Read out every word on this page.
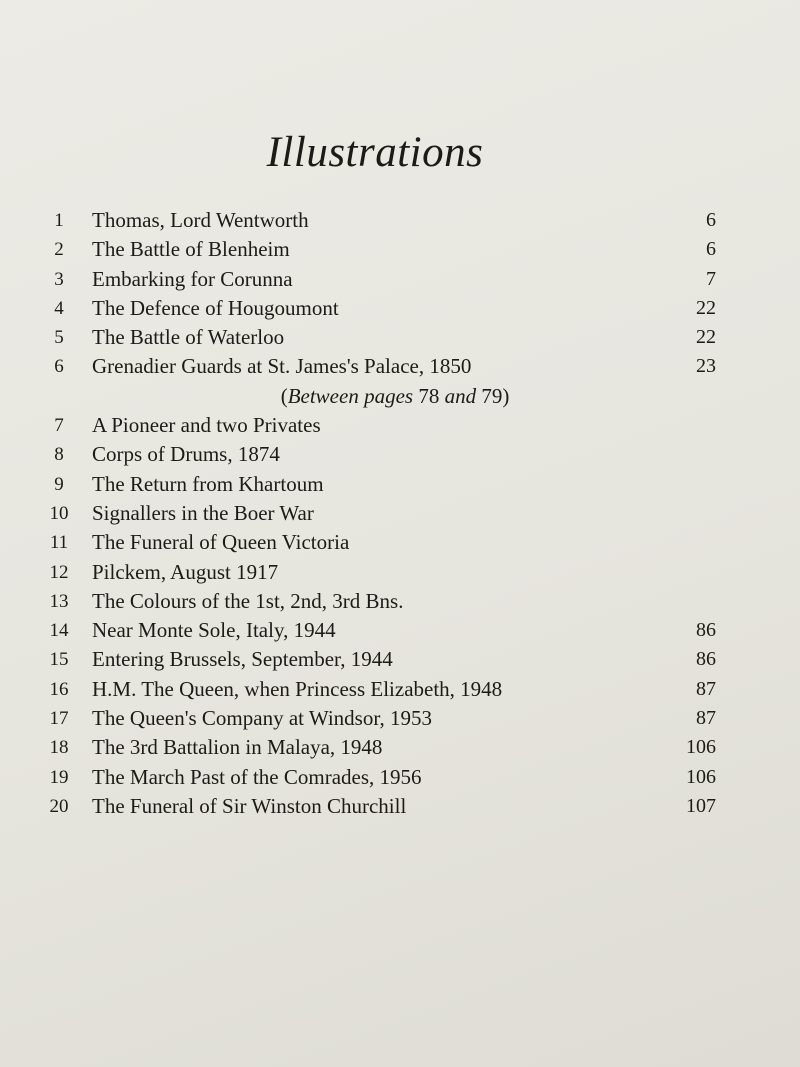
Illustrations
1	Thomas, Lord Wentworth	6
2	The Battle of Blenheim	6
3	Embarking for Corunna	7
4	The Defence of Hougoumont	22
5	The Battle of Waterloo	22
6	Grenadier Guards at St. James's Palace, 1850	23
(Between pages 78 and 79)
7	A Pioneer and two Privates
8	Corps of Drums, 1874
9	The Return from Khartoum
10	Signallers in the Boer War
11	The Funeral of Queen Victoria
12	Pilckem, August 1917
13	The Colours of the 1st, 2nd, 3rd Bns.
14	Near Monte Sole, Italy, 1944	86
15	Entering Brussels, September, 1944	86
16	H.M. The Queen, when Princess Elizabeth, 1948	87
17	The Queen's Company at Windsor, 1953	87
18	The 3rd Battalion in Malaya, 1948	106
19	The March Past of the Comrades, 1956	106
20	The Funeral of Sir Winston Churchill	107
